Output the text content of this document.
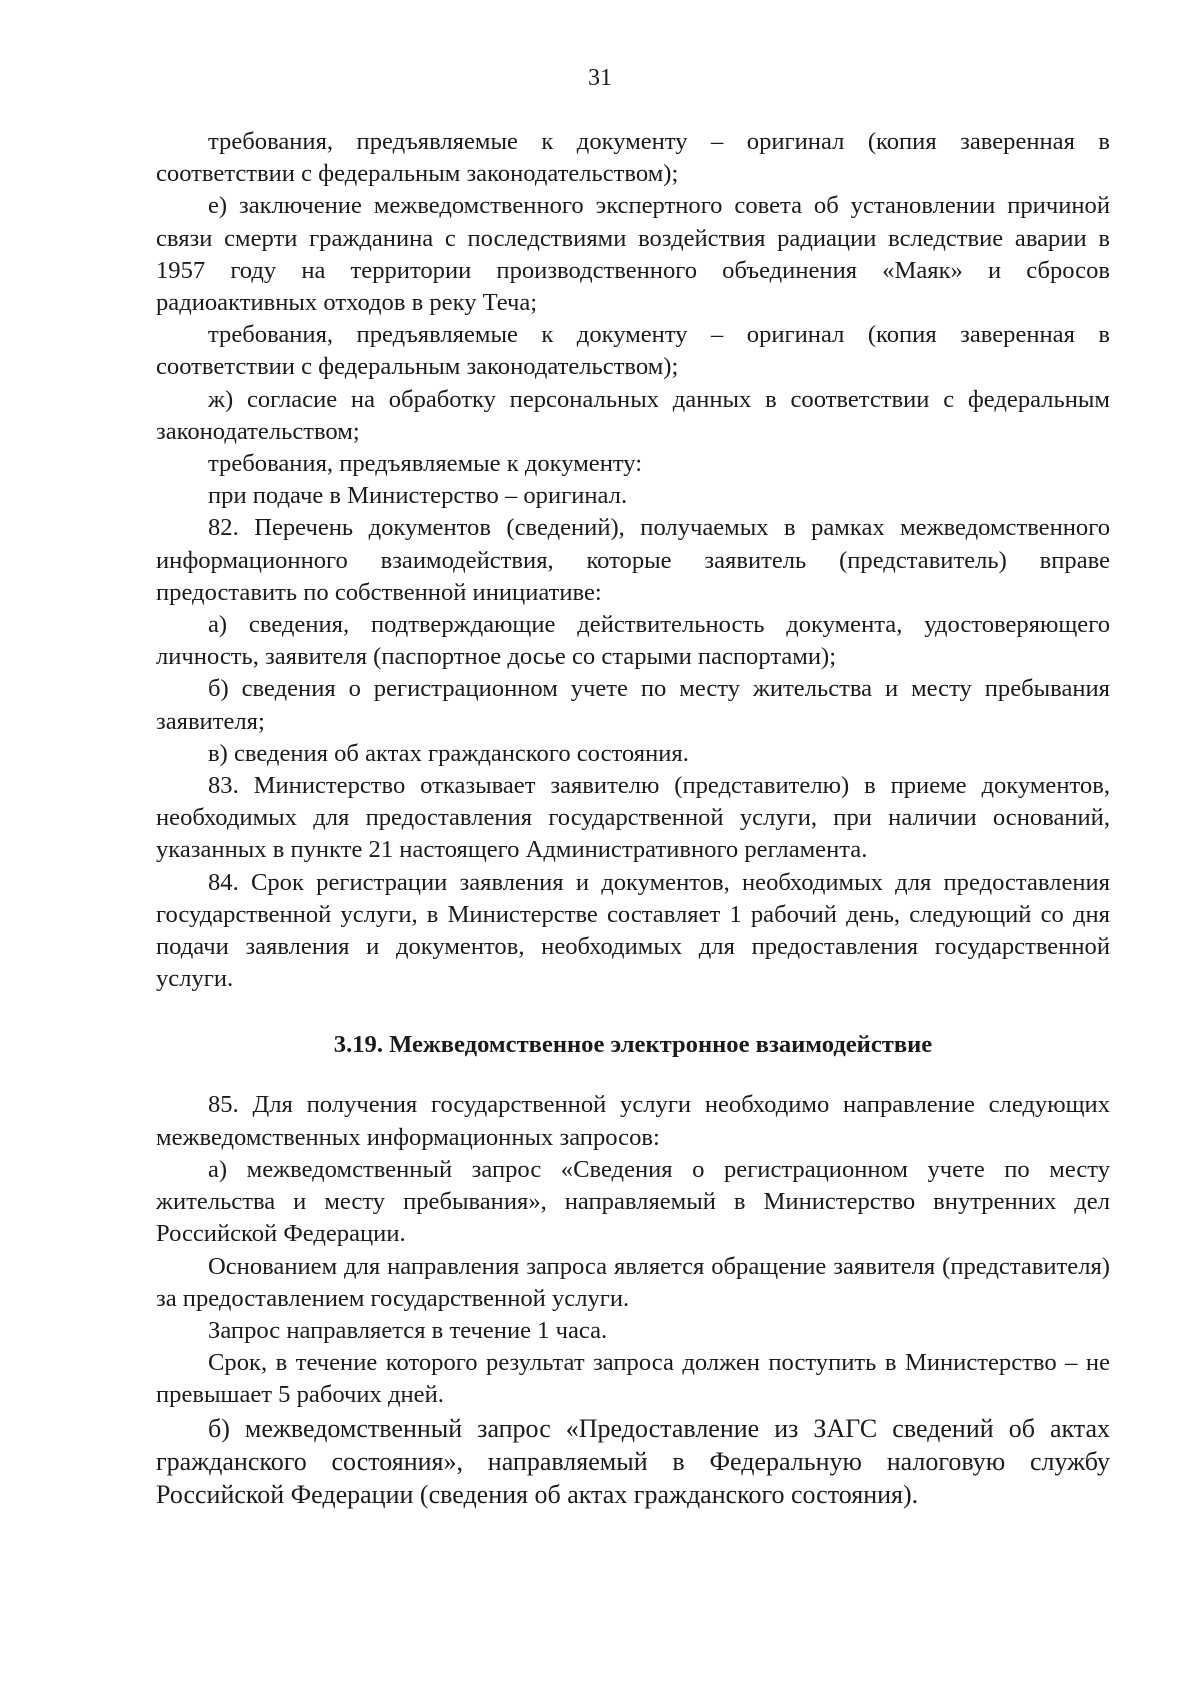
31

требования, предъявляемые к документу – оригинал (копия заверенная в соответствии с федеральным законодательством);

е) заключение межведомственного экспертного совета об установлении причиной связи смерти гражданина с последствиями воздействия радиации вследствие аварии в 1957 году на территории производственного объединения «Маяк» и сбросов радиоактивных отходов в реку Теча;

требования, предъявляемые к документу – оригинал (копия заверенная в соответствии с федеральным законодательством);

ж) согласие на обработку персональных данных в соответствии с федеральным законодательством;

требования, предъявляемые к документу:

при подаче в Министерство – оригинал.

82. Перечень документов (сведений), получаемых в рамках межведомственного информационного взаимодействия, которые заявитель (представитель) вправе предоставить по собственной инициативе:

а) сведения, подтверждающие действительность документа, удостоверяющего личность, заявителя (паспортное досье со старыми паспортами);

б) сведения о регистрационном учете по месту жительства и месту пребывания заявителя;

в) сведения об актах гражданского состояния.

83. Министерство отказывает заявителю (представителю) в приеме документов, необходимых для предоставления государственной услуги, при наличии оснований, указанных в пункте 21 настоящего Административного регламента.

84. Срок регистрации заявления и документов, необходимых для предоставления государственной услуги, в Министерстве составляет 1 рабочий день, следующий со дня подачи заявления и документов, необходимых для предоставления государственной услуги.

3.19. Межведомственное электронное взаимодействие

85. Для получения государственной услуги необходимо направление следующих межведомственных информационных запросов:

а) межведомственный запрос «Сведения о регистрационном учете по месту жительства и месту пребывания», направляемый в Министерство внутренних дел Российской Федерации.

Основанием для направления запроса является обращение заявителя (представителя) за предоставлением государственной услуги.

Запрос направляется в течение 1 часа.

Срок, в течение которого результат запроса должен поступить в Министерство – не превышает 5 рабочих дней.

б) межведомственный запрос «Предоставление из ЗАГС сведений об актах гражданского состояния», направляемый в Федеральную налоговую службу Российской Федерации (сведения об актах гражданского состояния).
